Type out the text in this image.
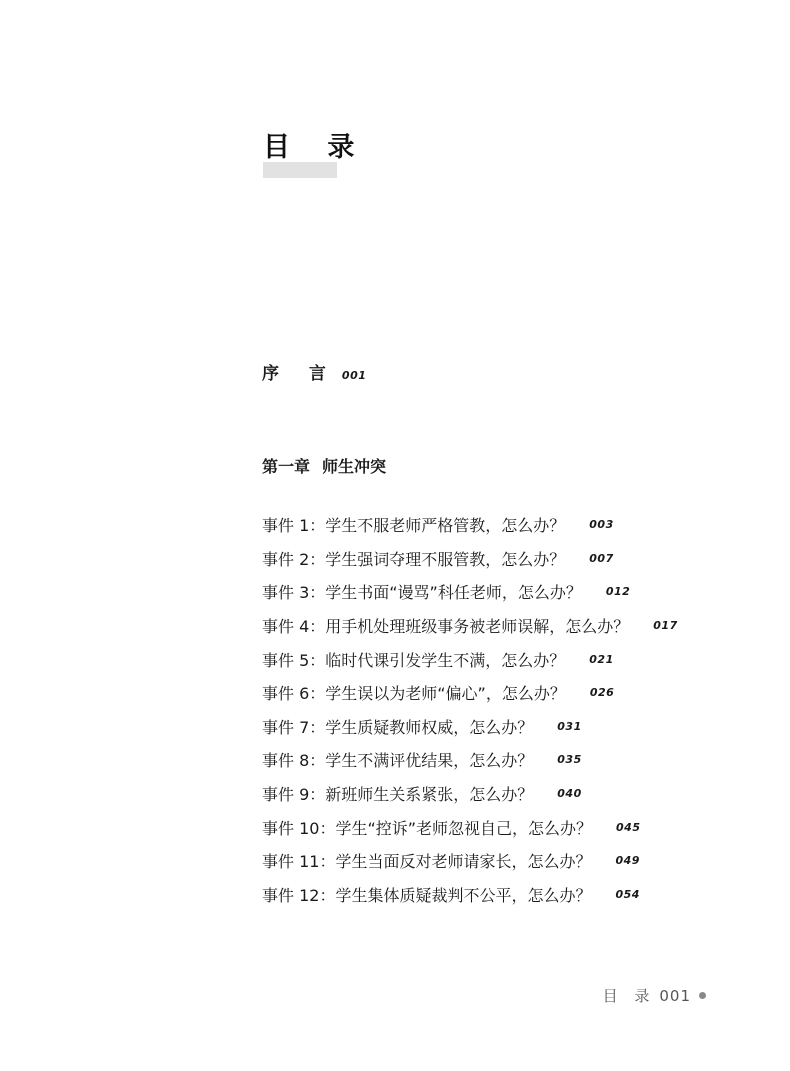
目 录
序 言 001
第一章 师生冲突
事件 1：学生不服老师严格管教，怎么办？ 003
事件 2：学生强词夺理不服管教，怎么办？ 007
事件 3：学生书面“谩骂”科任老师，怎么办？ 012
事件 4：用手机处理班级事务被老师误解，怎么办？ 017
事件 5：临时代课引发学生不满，怎么办？ 021
事件 6：学生误以为老师“偏心”，怎么办？ 026
事件 7：学生质疑教师权威，怎么办？ 031
事件 8：学生不满评优结果，怎么办？ 035
事件 9：新班师生关系紧张，怎么办？ 040
事件 10：学生“控诉”老师忽视自己，怎么办？ 045
事件 11：学生当面反对老师请家长，怎么办？ 049
事件 12：学生集体质疑裁判不公平，怎么办？ 054
目 录 001
